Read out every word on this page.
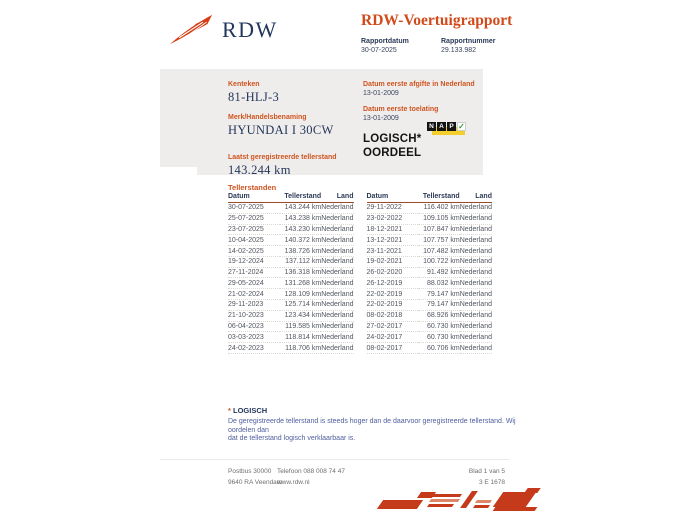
RDW	RDW-Voertuigrapport
Rapportdatum
30-07-2025
Rapportnummer
29.133.982
Kenteken
81-HLJ-3
Merk/Handelsbenaming
HYUNDAI I 30CW
Laatst geregistreerde tellerstand
143.244 km
Datum eerste afgifte in Nederland
13-01-2009
Datum eerste toelating
13-01-2009
LOGISCH*
OORDEEL
N A P ✓
Tellerstanden
Datum	Tellerstand	Land
30-07-2025	143.244 km	Nederland
25-07-2025	143.238 km	Nederland
23-07-2025	143.230 km	Nederland
10-04-2025	140.372 km	Nederland
14-02-2025	138.726 km	Nederland
19-12-2024	137.112 km	Nederland
27-11-2024	136.318 km	Nederland
29-05-2024	131.268 km	Nederland
21-02-2024	128.109 km	Nederland
29-11-2023	125.714 km	Nederland
21-10-2023	123.434 km	Nederland
06-04-2023	119.585 km	Nederland
03-03-2023	118.814 km	Nederland
24-02-2023	118.706 km	Nederland
Datum	Tellerstand	Land
29-11-2022	116.402 km	Nederland
23-02-2022	109.105 km	Nederland
18-12-2021	107.847 km	Nederland
13-12-2021	107.757 km	Nederland
23-11-2021	107.482 km	Nederland
19-02-2021	100.722 km	Nederland
26-02-2020	91.492 km	Nederland
26-12-2019	88.032 km	Nederland
22-02-2019	79.147 km	Nederland
22-02-2019	79.147 km	Nederland
08-02-2018	68.926 km	Nederland
27-02-2017	60.730 km	Nederland
24-02-2017	60.730 km	Nederland
08-02-2017	60.706 km	Nederland
* LOGISCH
De geregistreerde tellerstand is steeds hoger dan de daarvoor geregistreerde tellerstand. Wij oordelen dan
dat de tellerstand logisch verklaarbaar is.
Postbus 30000
9640 RA Veendam
Telefoon 088 008 74 47
www.rdw.nl
Blad 1 van 5
3 E 1678
